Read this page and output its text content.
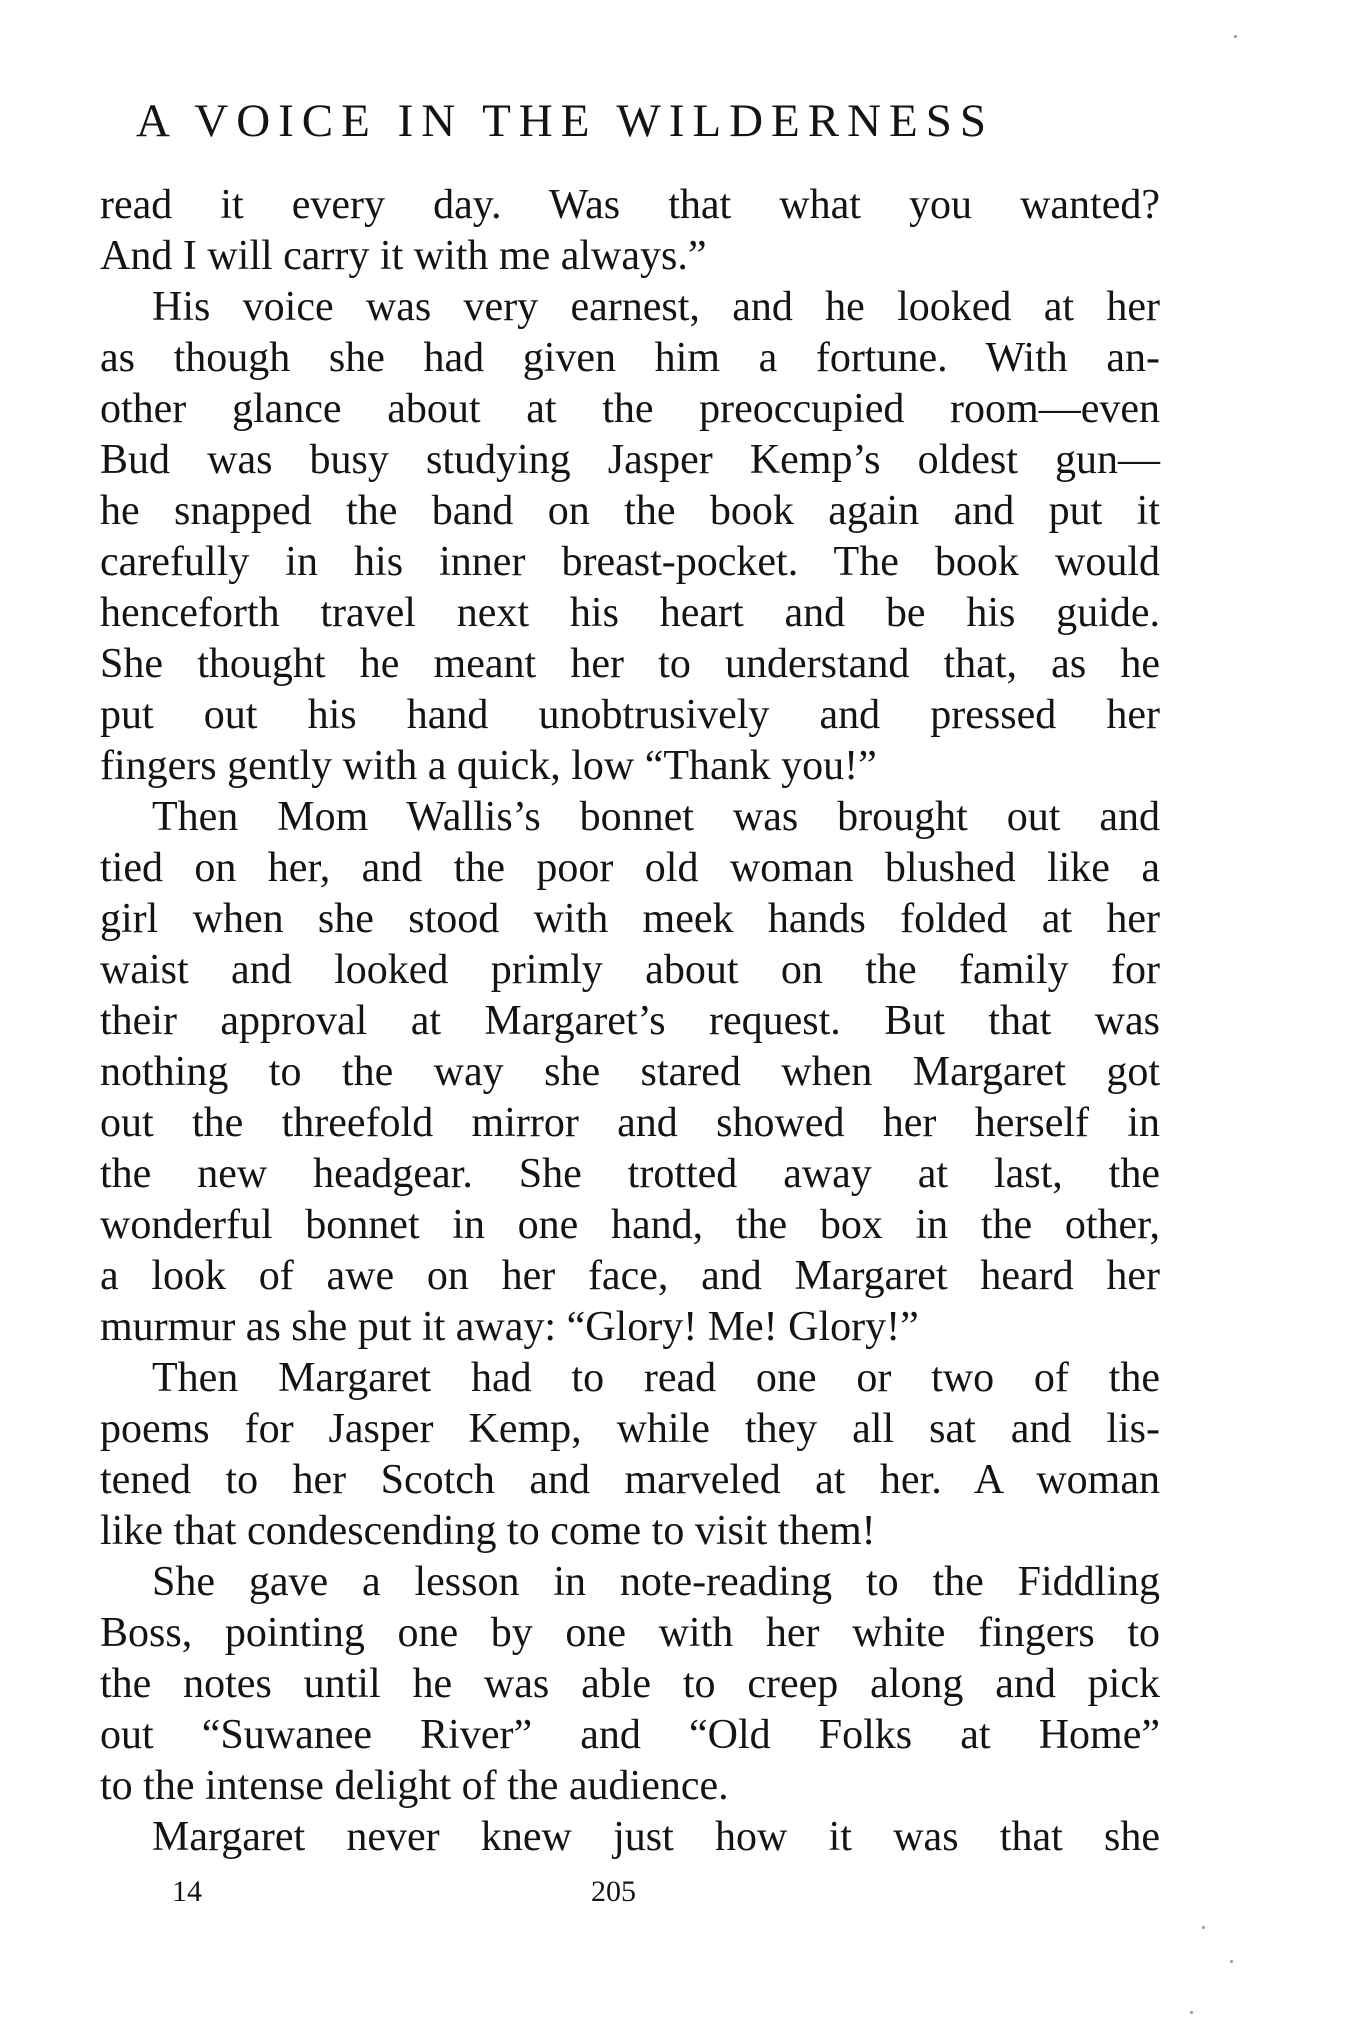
A VOICE IN THE WILDERNESS
read it every day. Was that what you wanted?
And I will carry it with me always.”
His voice was very earnest, and he looked at her
as though she had given him a fortune. With an-
other glance about at the preoccupied room—even
Bud was busy studying Jasper Kemp’s oldest gun—
he snapped the band on the book again and put it
carefully in his inner breast-pocket. The book would
henceforth travel next his heart and be his guide.
She thought he meant her to understand that, as he
put out his hand unobtrusively and pressed her
fingers gently with a quick, low “Thank you!”
Then Mom Wallis’s bonnet was brought out and
tied on her, and the poor old woman blushed like a
girl when she stood with meek hands folded at her
waist and looked primly about on the family for
their approval at Margaret’s request. But that was
nothing to the way she stared when Margaret got
out the threefold mirror and showed her herself in
the new headgear. She trotted away at last, the
wonderful bonnet in one hand, the box in the other,
a look of awe on her face, and Margaret heard her
murmur as she put it away: “Glory! Me! Glory!”
Then Margaret had to read one or two of the
poems for Jasper Kemp, while they all sat and lis-
tened to her Scotch and marveled at her. A woman
like that condescending to come to visit them!
She gave a lesson in note-reading to the Fiddling
Boss, pointing one by one with her white fingers to
the notes until he was able to creep along and pick
out “Suwanee River” and “Old Folks at Home”
to the intense delight of the audience.
Margaret never knew just how it was that she
14	205
